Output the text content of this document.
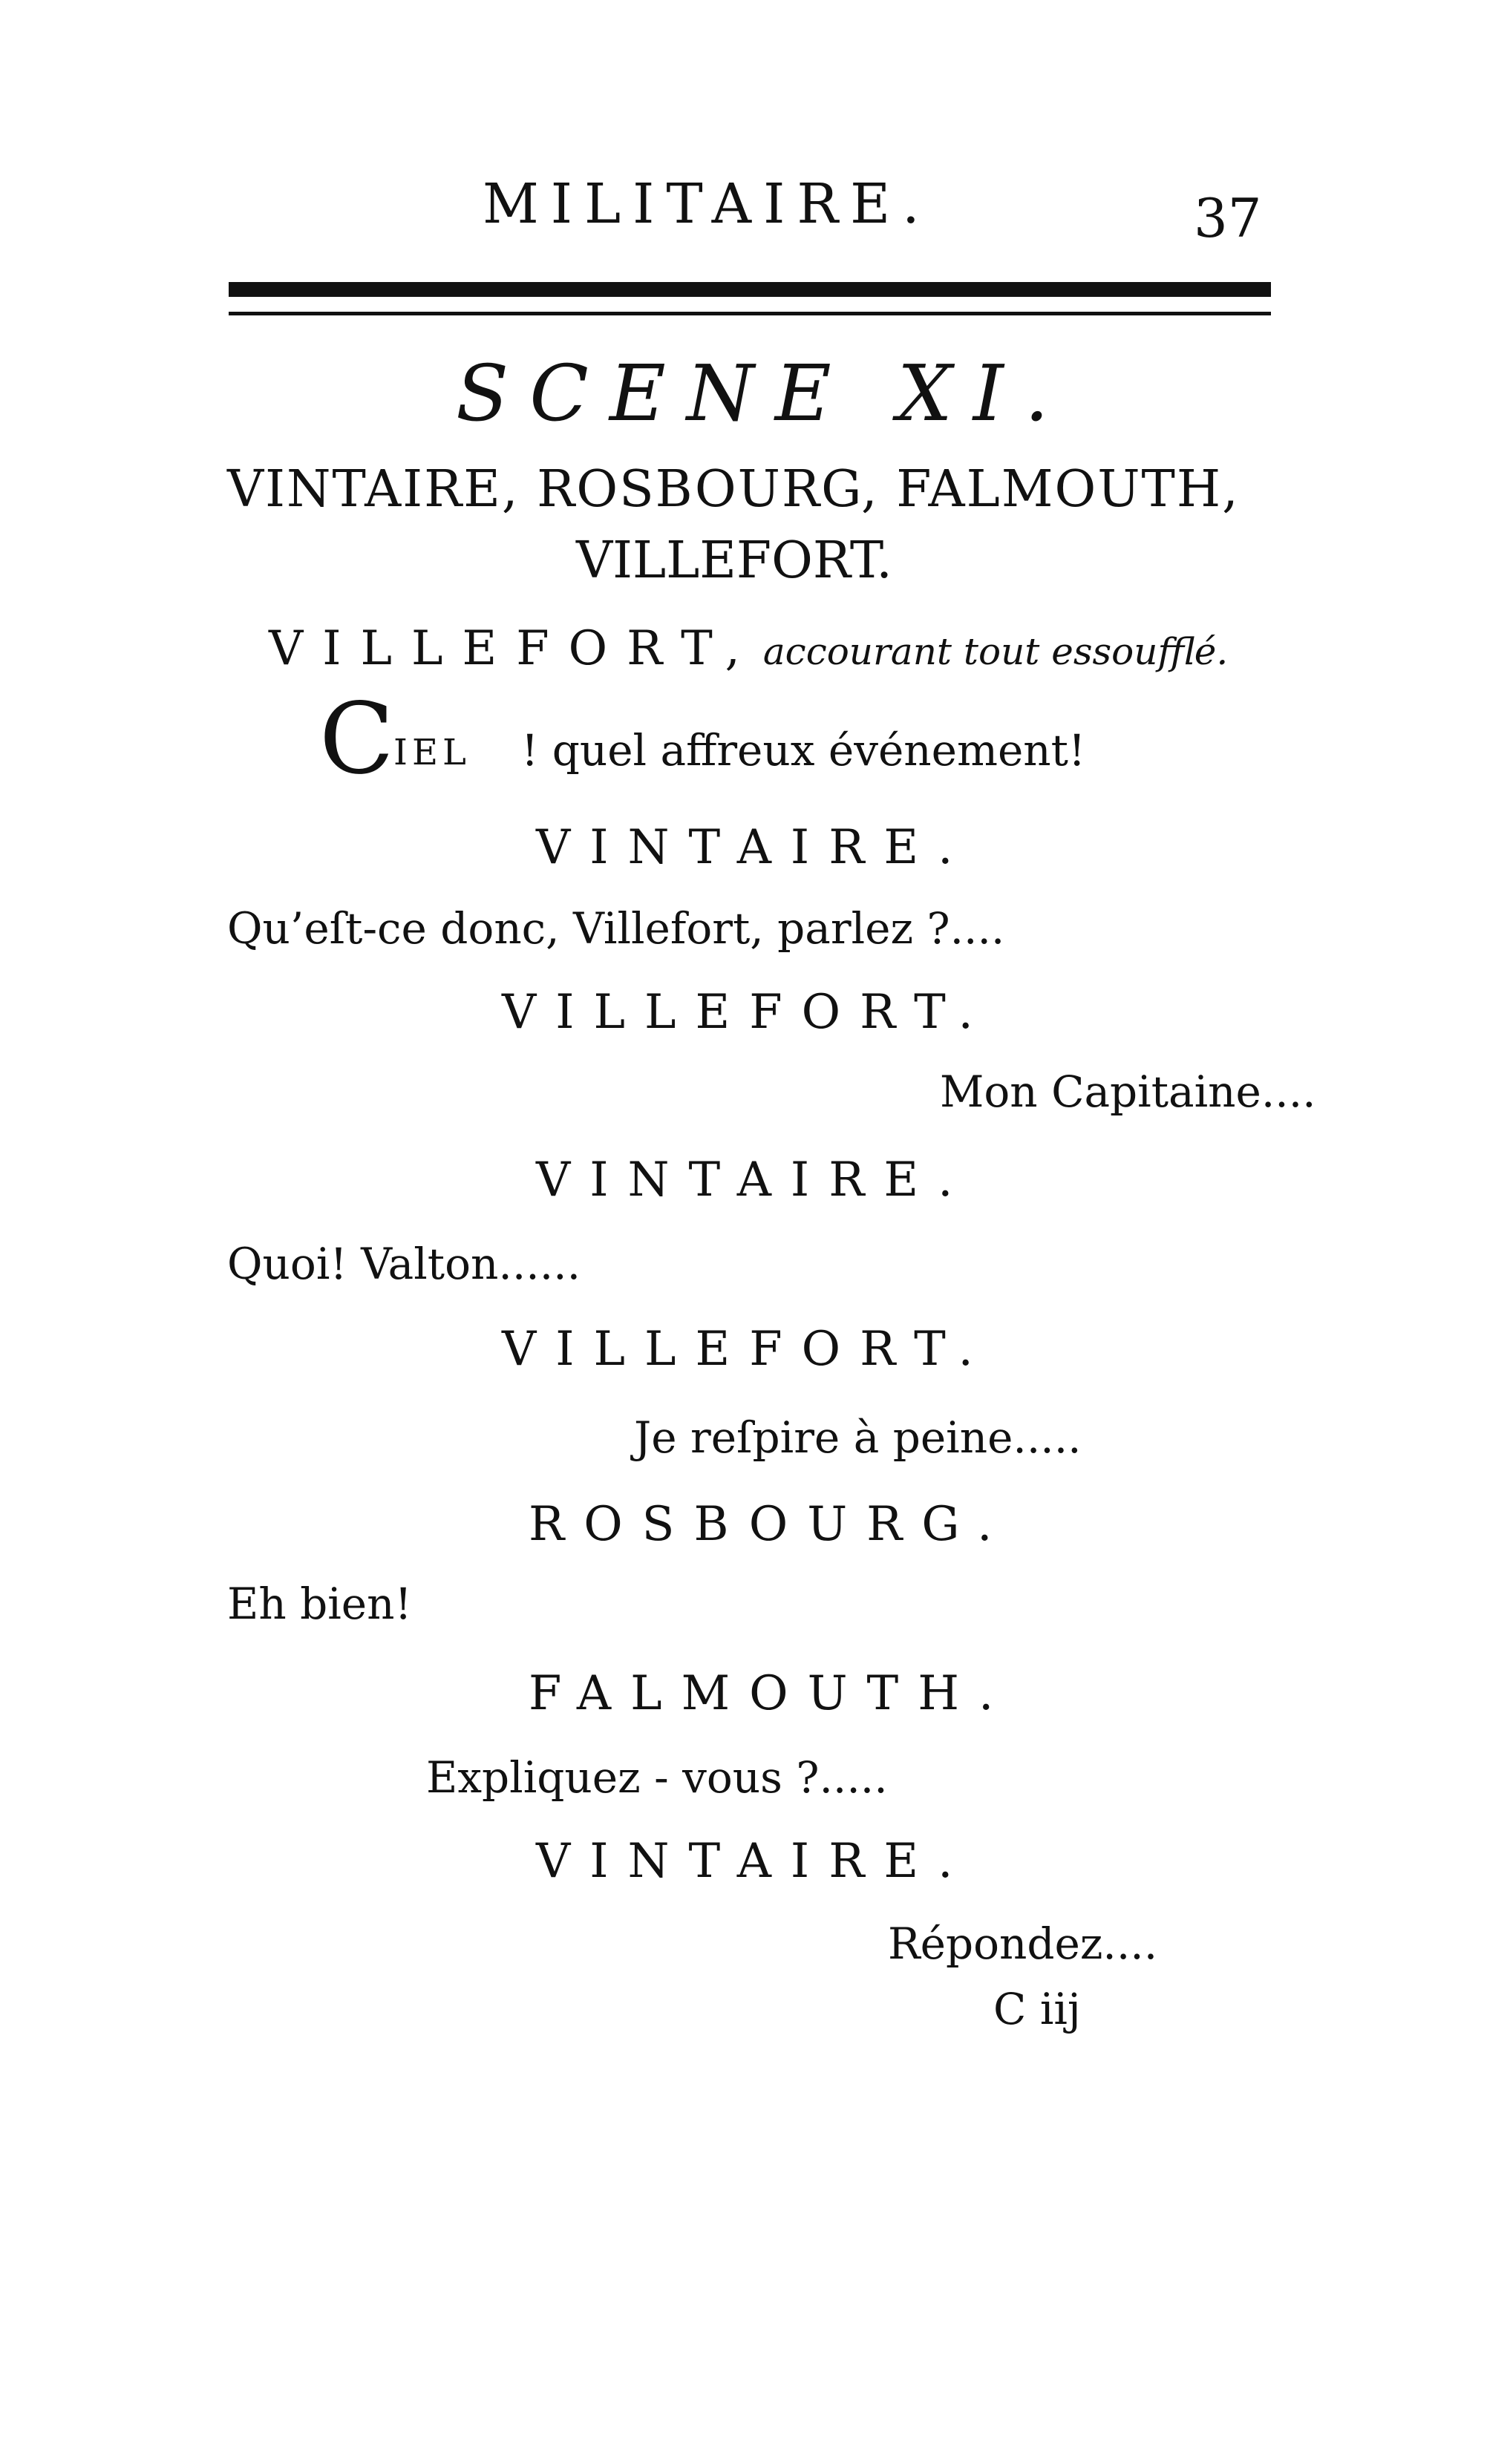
MILITAIRE.	37
SCENE XI.
VINTAIRE, ROSBOURG, FALMOUTH,
VILLEFORT.
VILLEFORT, accourant tout essoufflé.
C IEL ! quel affreux événement!
VINTAIRE.
Qu’eſt-ce donc, Villefort, parlez ?....
VILLEFORT.
Mon Capitaine....
VINTAIRE.
Quoi! Valton......
VILLEFORT.
Je reſpire à peine.....
ROSBOURG.
Eh bien!
FALMOUTH.
Expliquez - vous ?.....
VINTAIRE.
Répondez....
C iij
